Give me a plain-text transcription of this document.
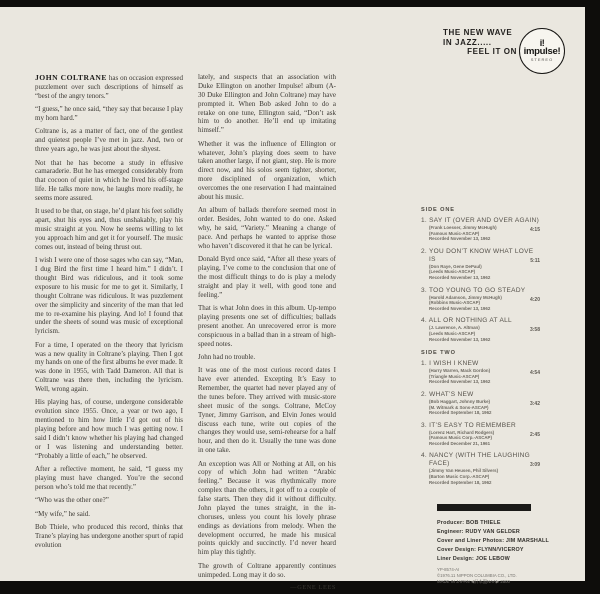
THE NEW WAVE
IN JAZZ.....
FEEL IT ON
i!
impulse!
STEREO

JOHN COLTRANE has on occasion expressed puzzlement over such descriptions of himself as “best of the angry tenors.”

“I guess,” he once said, “they say that because I play my horn hard.”

Coltrane is, as a matter of fact, one of the gentlest and quietest people I’ve met in jazz. And, two or three years ago, he was just about the shyest.

Not that he has become a study in effusive camaraderie. But he has emerged considerably from that cocoon of quiet in which he lived his off-stage life. He talks more now, he laughs more readily, he seems more assured.

It used to be that, on stage, he’d plant his feet solidly apart, shut his eyes and, thus unshakably, play his music straight at you. Now he seems willing to let you approach him and get it for yourself. The music comes out, instead of being thrust out.

I wish I were one of those sages who can say, “Man, I dug Bird the first time I heard him.” I didn’t. I thought Bird was ridiculous, and it took some exposure to his music for me to get it. Similarly, I thought Coltrane was ridiculous. It was puzzlement over the simplicity and sincerity of the man that led me to re-examine his playing. And lo! I found that under the sheets of sound was music of exceptional lyricism.

For a time, I operated on the theory that lyricism was a new quality in Coltrane’s playing. Then I got my hands on one of the first albums he ever made. It was done in 1955, with Tadd Dameron. All that is Coltrane was there then, including the lyricism. Well, wrong again.

His playing has, of course, undergone considerable evolution since 1955. Once, a year or two ago, I mentioned to him how little I’d got out of his playing before and how much I was getting now. I said I didn’t know whether his playing had changed or I was listening and understanding better. “Probably a little of each,” he observed.

After a reflective moment, he said, “I guess my playing must have changed. You’re the second person who’s told me that recently.”

“Who was the other one?”

“My wife,” he said.

Bob Thiele, who produced this record, thinks that Trane’s playing has undergone another spurt of rapid evolution

lately, and suspects that an association with Duke Ellington on another Impulse! album (A-30 Duke Ellington and John Coltrane) may have prompted it. When Bob asked John to do a retake on one tune, Ellington said, “Don’t ask him to do another. He’ll end up imitating himself.”

Whether it was the influence of Ellington or whatever, John’s playing does seem to have taken another large, if not giant, step. He is more direct now, and his solos seem tighter, shorter, more disciplined of organization, which overcomes the one reservation I had maintained about his music.

An album of ballads therefore seemed most in order. Besides, John wanted to do one. Asked why, he said, “Variety.” Meaning a change of pace. And perhaps he wanted to apprise those who haven’t discovered it that he can be lyrical.

Donald Byrd once said, “After all these years of playing, I’ve come to the conclusion that one of the most difficult things to do is play a melody straight and play it well, with good tone and feeling.”

That is what John does in this album. Up-tempo playing presents one set of difficulties; ballads present another. An unrecovered error is more conspicuous in a ballad than in a stream of high-speed notes.

John had no trouble.

It was one of the most curious record dates I have ever attended. Excepting It’s Easy to Remember, the quartet had never played any of the tunes before. They arrived with music-store sheet music of the songs. Coltrane, McCoy Tyner, Jimmy Garrison, and Elvin Jones would discuss each tune, write out copies of the changes they would use, semi-rehearse for a half hour, and then do it. Usually the tune was done in one take.

An exception was All or Nothing at All, on his copy of which John had written “Arabic feeling.” Because it was rhythmically more complex than the others, it got off to a couple of false starts. Then they did it without difficulty. John played the tunes straight, in the in-choruses, unless you count his lovely phrase endings as deviations from melody. When the development occurred, he made his musical points quickly and succinctly. I’d never heard him play this tightly.

The growth of Coltrane apparently continues unimpeded. Long may it do so.

—GENE LEES
SIDE ONE
1. SAY IT (OVER AND OVER AGAIN)
(Frank Loesser, Jimmy McHugh)
(Famous Music-ASCAP)
Recorded November 13, 1962
4:15
2. YOU DON’T KNOW WHAT LOVE IS
(Don Raye, Gene DePaul)
(Leeds Music-ASCAP)
Recorded November 13, 1962
5:11
3. TOO YOUNG TO GO STEADY
(Harold Adamson, Jimmy McHugh)
(Robbins Music-ASCAP)
Recorded November 13, 1962
4:20
4. ALL OR NOTHING AT ALL
(J. Lawrence, A. Altman)
(Leeds Music-ASCAP)
Recorded November 13, 1962
3:58
SIDE TWO
1. I WISH I KNEW
(Harry Warren, Mack Gordon)
(Triangle Music-ASCAP)
Recorded November 13, 1962
4:54
2. WHAT’S NEW
(Bob Haggart, Johnny Burke)
(M. Witmark & Sons-ASCAP)
Recorded September 18, 1962
3:42
3. IT’S EASY TO REMEMBER
(Lorenz Hart, Richard Rodgers)
(Famous Music Corp.-ASCAP)
Recorded December 21, 1961
2:45
4. NANCY (WITH THE LAUGHING FACE)
(Jimmy Van Heusen, Phil Silvers)
(Barton Music Corp.-ASCAP)
Recorded September 18, 1962
3:09
Producer: BOB THIELE
Engineer: RUDY VAN GELDER
Cover and Liner Photos: JIM MARSHALL
Cover Design: FLYNN/VICEROY
Liner Design: JOE LEBOW
YP-8574-AI
©1976.11 NIPPON COLUMBIA CO., LTD.
MADE IN JAPAN ◀日本盤NAA▶ 2500
